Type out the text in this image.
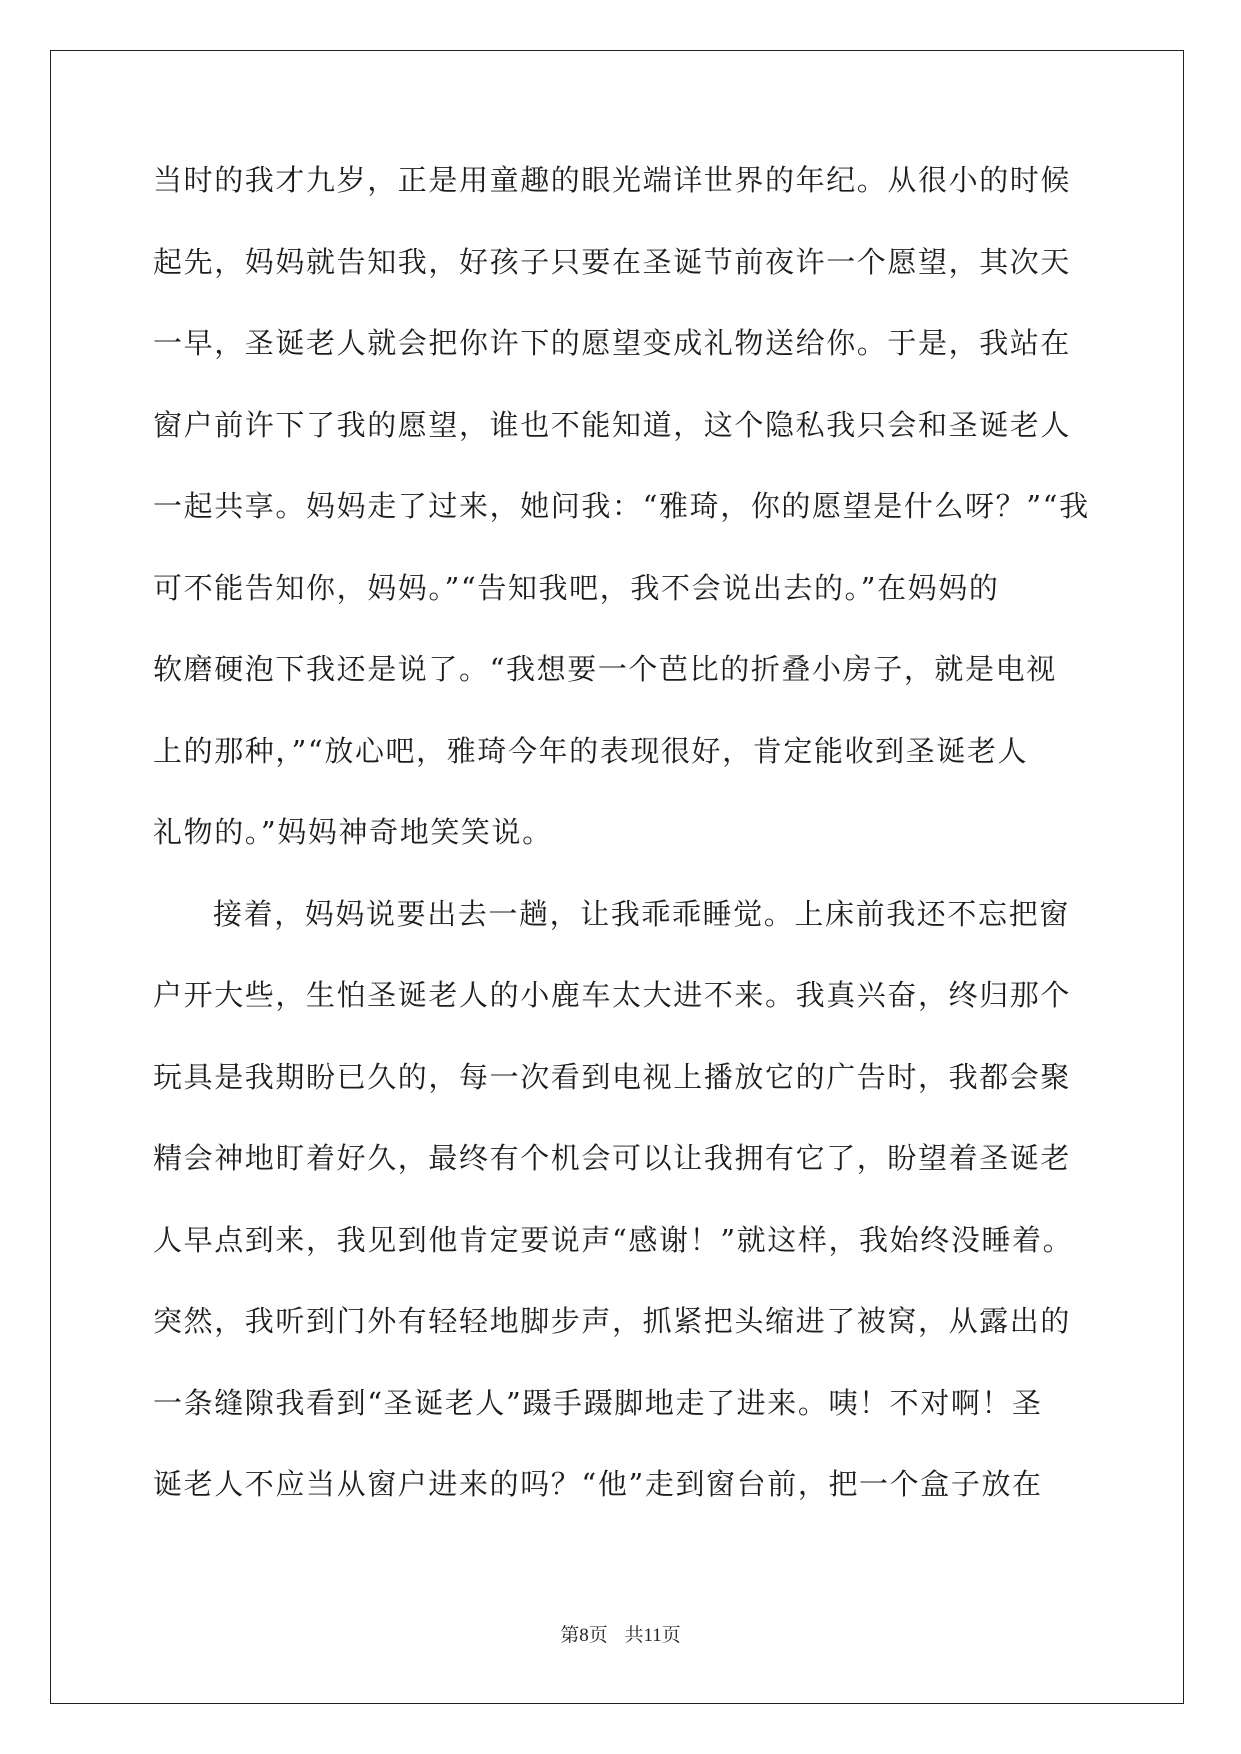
当时的我才九岁，正是用童趣的眼光端详世界的年纪。从很小的时候
起先，妈妈就告知我，好孩子只要在圣诞节前夜许一个愿望，其次天
一早，圣诞老人就会把你许下的愿望变成礼物送给你。于是，我站在
窗户前许下了我的愿望，谁也不能知道，这个隐私我只会和圣诞老人
一起共享。妈妈走了过来，她问我：“雅琦，你的愿望是什么呀？”“我
可不能告知你，妈妈。”“告知我吧，我不会说出去的。”在妈妈的
软磨硬泡下我还是说了。“我想要一个芭比的折叠小房子，就是电视
上的那种，”“放心吧，雅琦今年的表现很好，肯定能收到圣诞老人
礼物的。”妈妈神奇地笑笑说。
接着，妈妈说要出去一趟，让我乖乖睡觉。上床前我还不忘把窗
户开大些，生怕圣诞老人的小鹿车太大进不来。我真兴奋，终归那个
玩具是我期盼已久的，每一次看到电视上播放它的广告时，我都会聚
精会神地盯着好久，最终有个机会可以让我拥有它了，盼望着圣诞老
人早点到来，我见到他肯定要说声“感谢！”就这样，我始终没睡着。
突然，我听到门外有轻轻地脚步声，抓紧把头缩进了被窝，从露出的
一条缝隙我看到“圣诞老人”蹑手蹑脚地走了进来。咦！不对啊！圣
诞老人不应当从窗户进来的吗？“他”走到窗台前，把一个盒子放在
第8页 共11页
